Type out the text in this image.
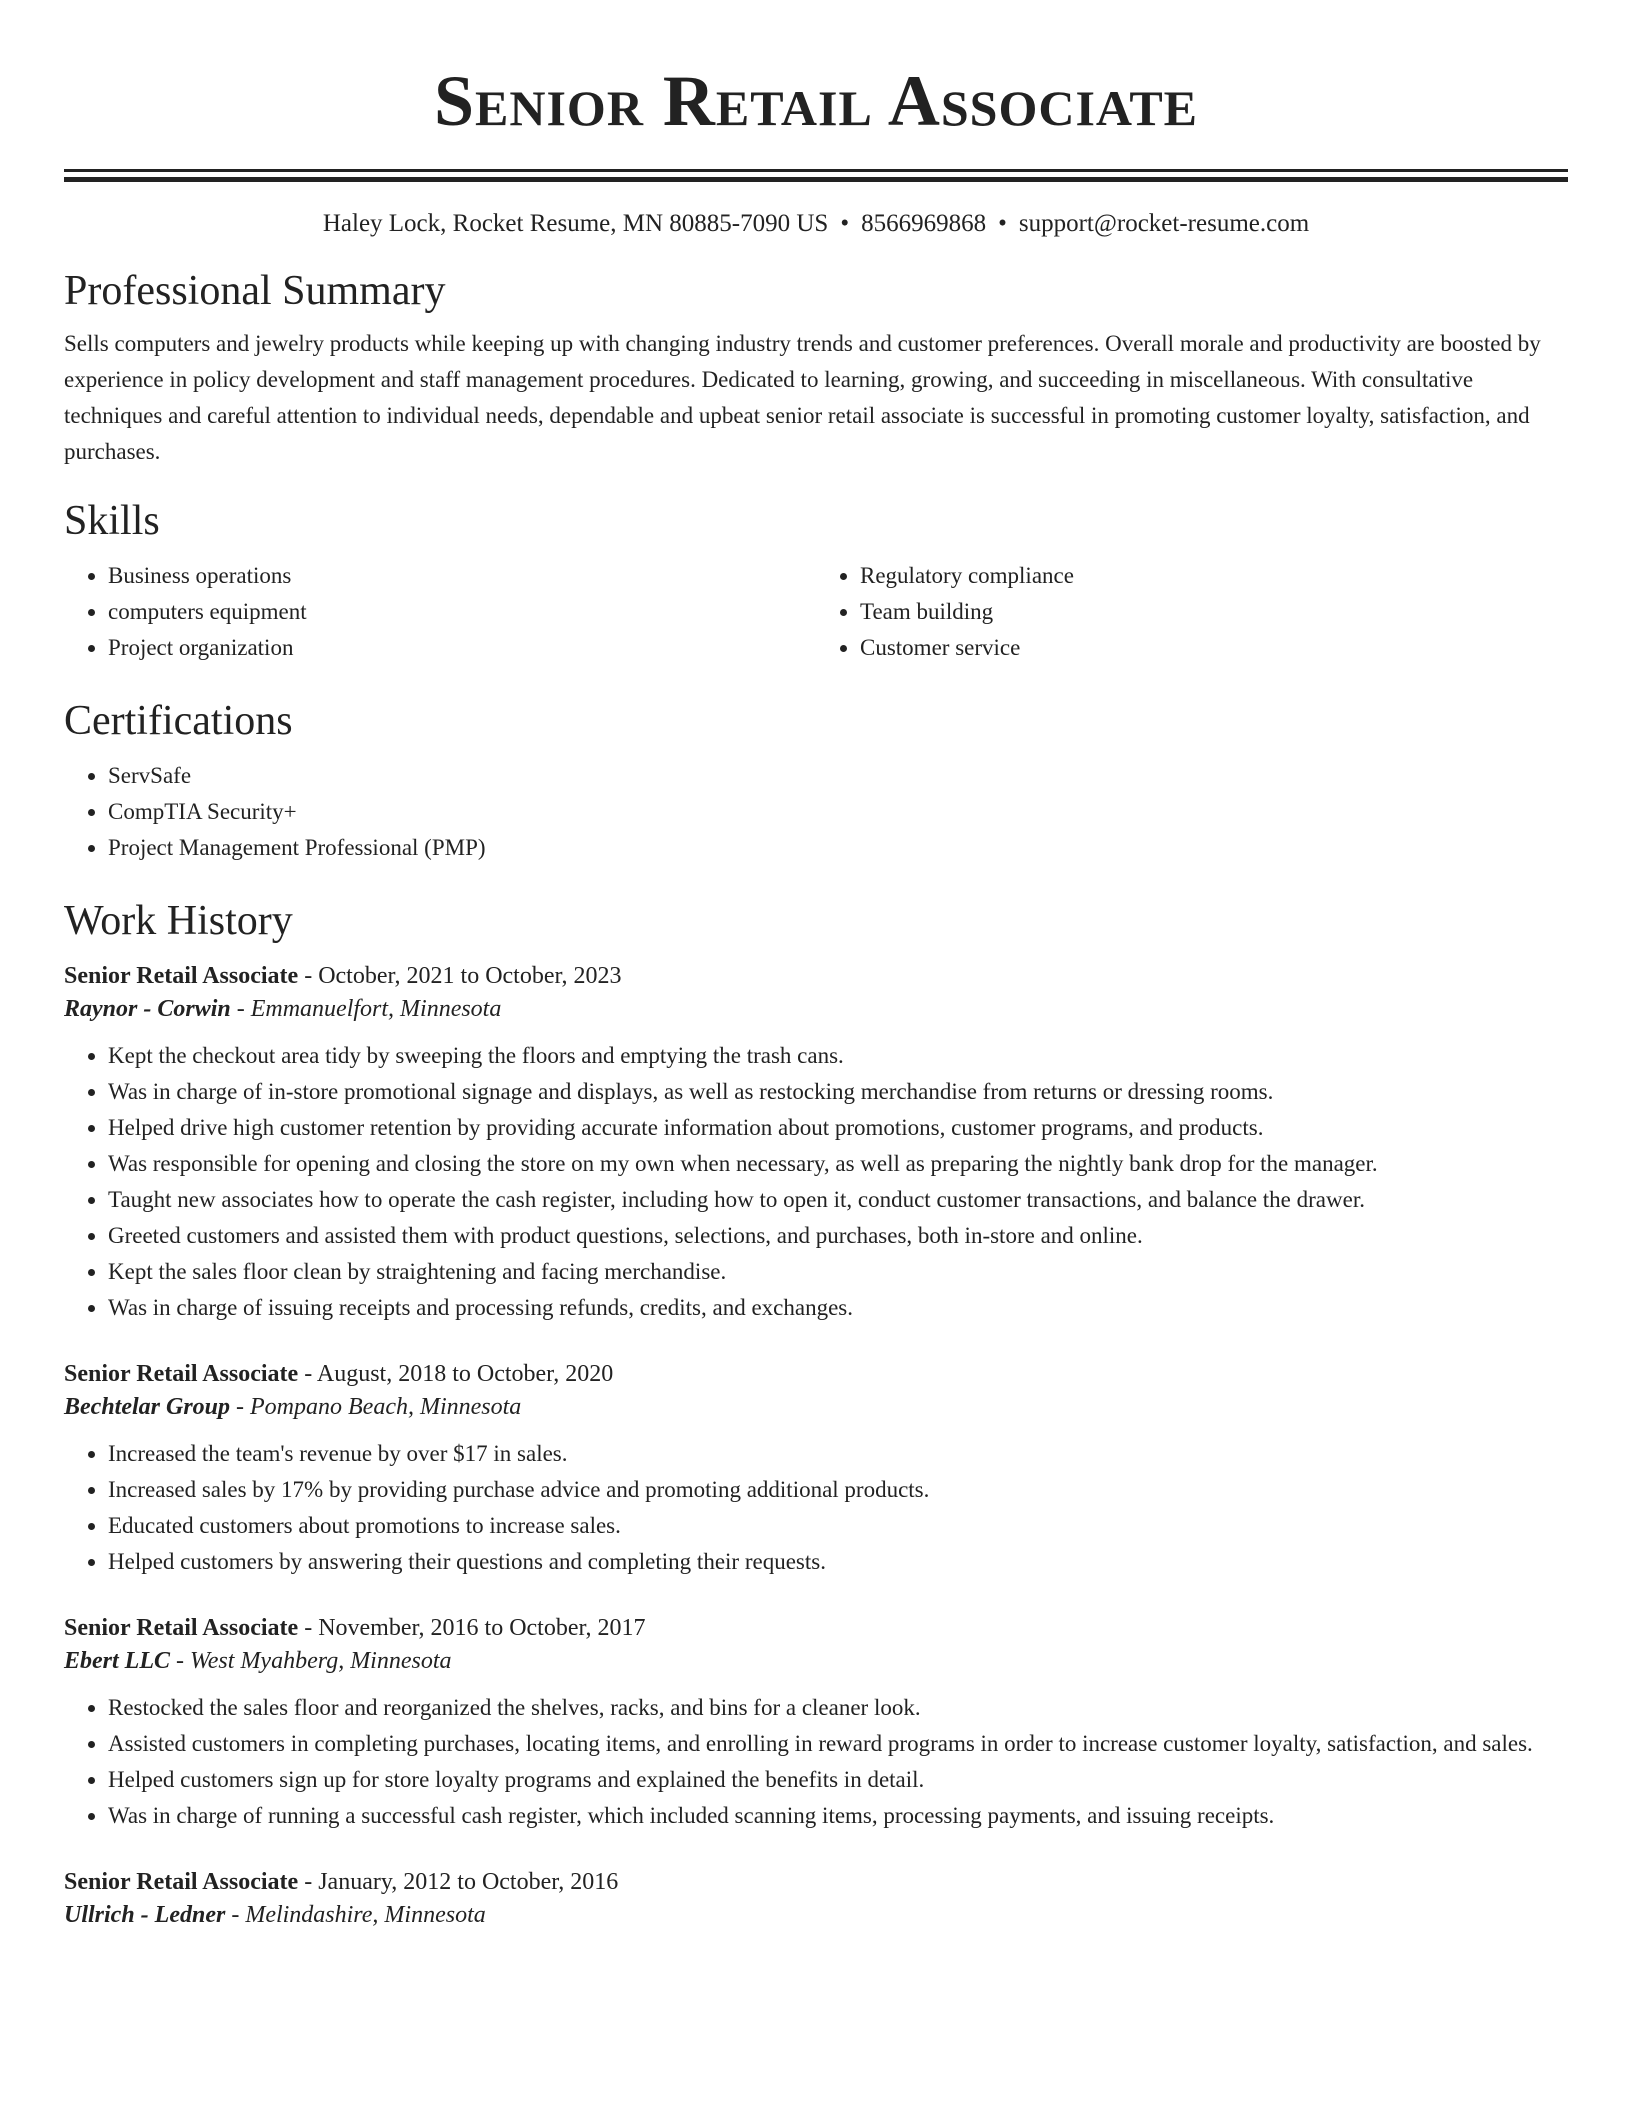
Senior Retail Associate
Haley Lock, Rocket Resume, MN 80885-7090 US • 8566969868 • support@rocket-resume.com
Professional Summary

Sells computers and jewelry products while keeping up with changing industry trends and customer preferences. Overall morale and productivity are boosted by experience in policy development and staff management procedures. Dedicated to learning, growing, and succeeding in miscellaneous. With consultative techniques and careful attention to individual needs, dependable and upbeat senior retail associate is successful in promoting customer loyalty, satisfaction, and purchases.

Skills
• Business operations
• computers equipment
• Project organization
• Regulatory compliance
• Team building
• Customer service
Certifications
• ServSafe
• CompTIA Security+
• Project Management Professional (PMP)
Work History
Senior Retail Associate - October, 2021 to October, 2023
Raynor - Corwin - Emmanuelfort, Minnesota
• Kept the checkout area tidy by sweeping the floors and emptying the trash cans.
• Was in charge of in-store promotional signage and displays, as well as restocking merchandise from returns or dressing rooms.
• Helped drive high customer retention by providing accurate information about promotions, customer programs, and products.
• Was responsible for opening and closing the store on my own when necessary, as well as preparing the nightly bank drop for the manager.
• Taught new associates how to operate the cash register, including how to open it, conduct customer transactions, and balance the drawer.
• Greeted customers and assisted them with product questions, selections, and purchases, both in-store and online.
• Kept the sales floor clean by straightening and facing merchandise.
• Was in charge of issuing receipts and processing refunds, credits, and exchanges.
Senior Retail Associate - August, 2018 to October, 2020
Bechtelar Group - Pompano Beach, Minnesota
• Increased the team's revenue by over $17 in sales.
• Increased sales by 17% by providing purchase advice and promoting additional products.
• Educated customers about promotions to increase sales.
• Helped customers by answering their questions and completing their requests.
Senior Retail Associate - November, 2016 to October, 2017
Ebert LLC - West Myahberg, Minnesota
• Restocked the sales floor and reorganized the shelves, racks, and bins for a cleaner look.
• Assisted customers in completing purchases, locating items, and enrolling in reward programs in order to increase customer loyalty, satisfaction, and sales.
• Helped customers sign up for store loyalty programs and explained the benefits in detail.
• Was in charge of running a successful cash register, which included scanning items, processing payments, and issuing receipts.
Senior Retail Associate - January, 2012 to October, 2016
Ullrich - Ledner - Melindashire, Minnesota
